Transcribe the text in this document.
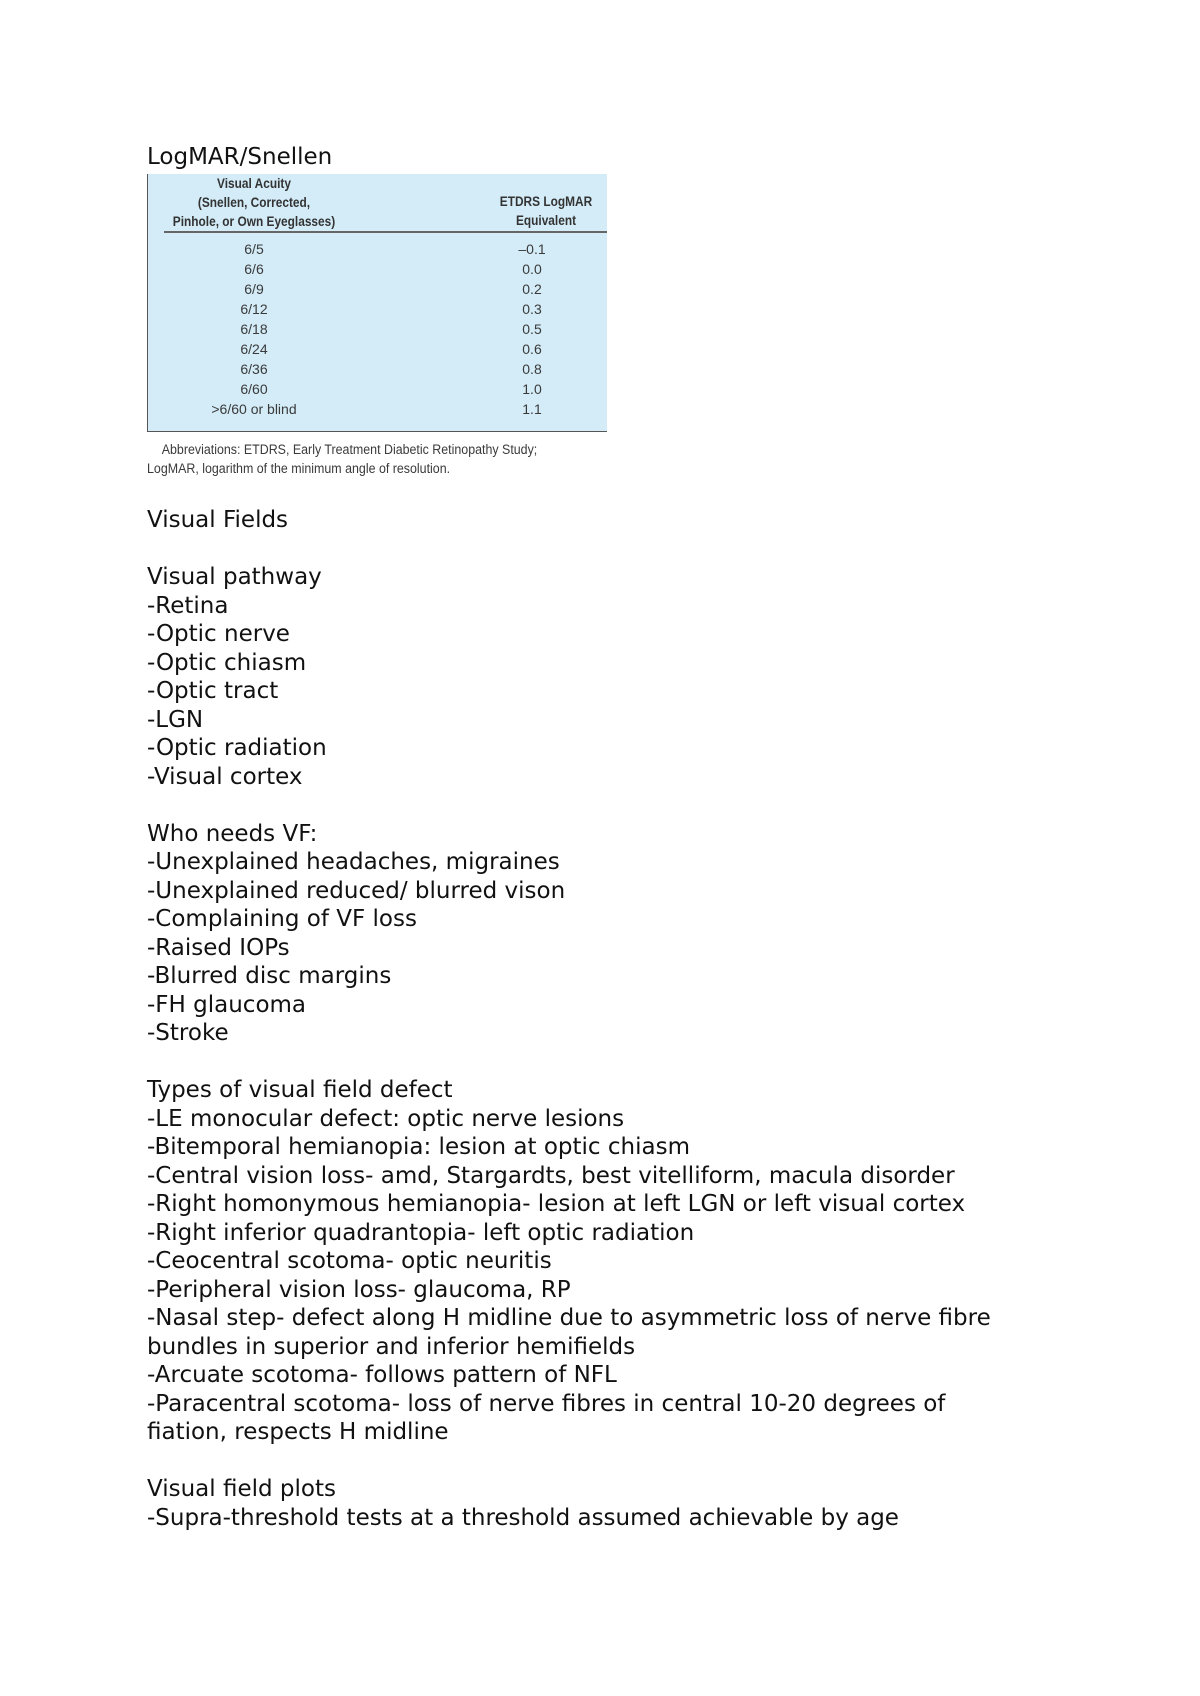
LogMAR/Snellen
Visual Acuity
(Snellen, Corrected,
Pinhole, or Own Eyeglasses)
ETDRS LogMAR
Equivalent
6/5	–0.1
6/6	0.0
6/9	0.2
6/12	0.3
6/18	0.5
6/24	0.6
6/36	0.8
6/60	1.0
>6/60 or blind	1.1
Abbreviations: ETDRS, Early Treatment Diabetic Retinopathy Study;
LogMAR, logarithm of the minimum angle of resolution.
Visual Fields
Visual pathway
-Retina
-Optic nerve
-Optic chiasm
-Optic tract
-LGN
-Optic radiation
-Visual cortex
Who needs VF:
-Unexplained headaches, migraines
-Unexplained reduced/ blurred vison
-Complaining of VF loss
-Raised IOPs
-Blurred disc margins
-FH glaucoma
-Stroke
Types of visual field defect
-LE monocular defect: optic nerve lesions
-Bitemporal hemianopia: lesion at optic chiasm
-Central vision loss- amd, Stargardts, best vitelliform, macula disorder
-Right homonymous hemianopia- lesion at left LGN or left visual cortex
-Right inferior quadrantopia- left optic radiation
-Ceocentral scotoma- optic neuritis
-Peripheral vision loss- glaucoma, RP
-Nasal step- defect along H midline due to asymmetric loss of nerve fibre
bundles in superior and inferior hemifields
-Arcuate scotoma- follows pattern of NFL
-Paracentral scotoma- loss of nerve fibres in central 10-20 degrees of
fiation, respects H midline
Visual field plots
-Supra-threshold tests at a threshold assumed achievable by age
